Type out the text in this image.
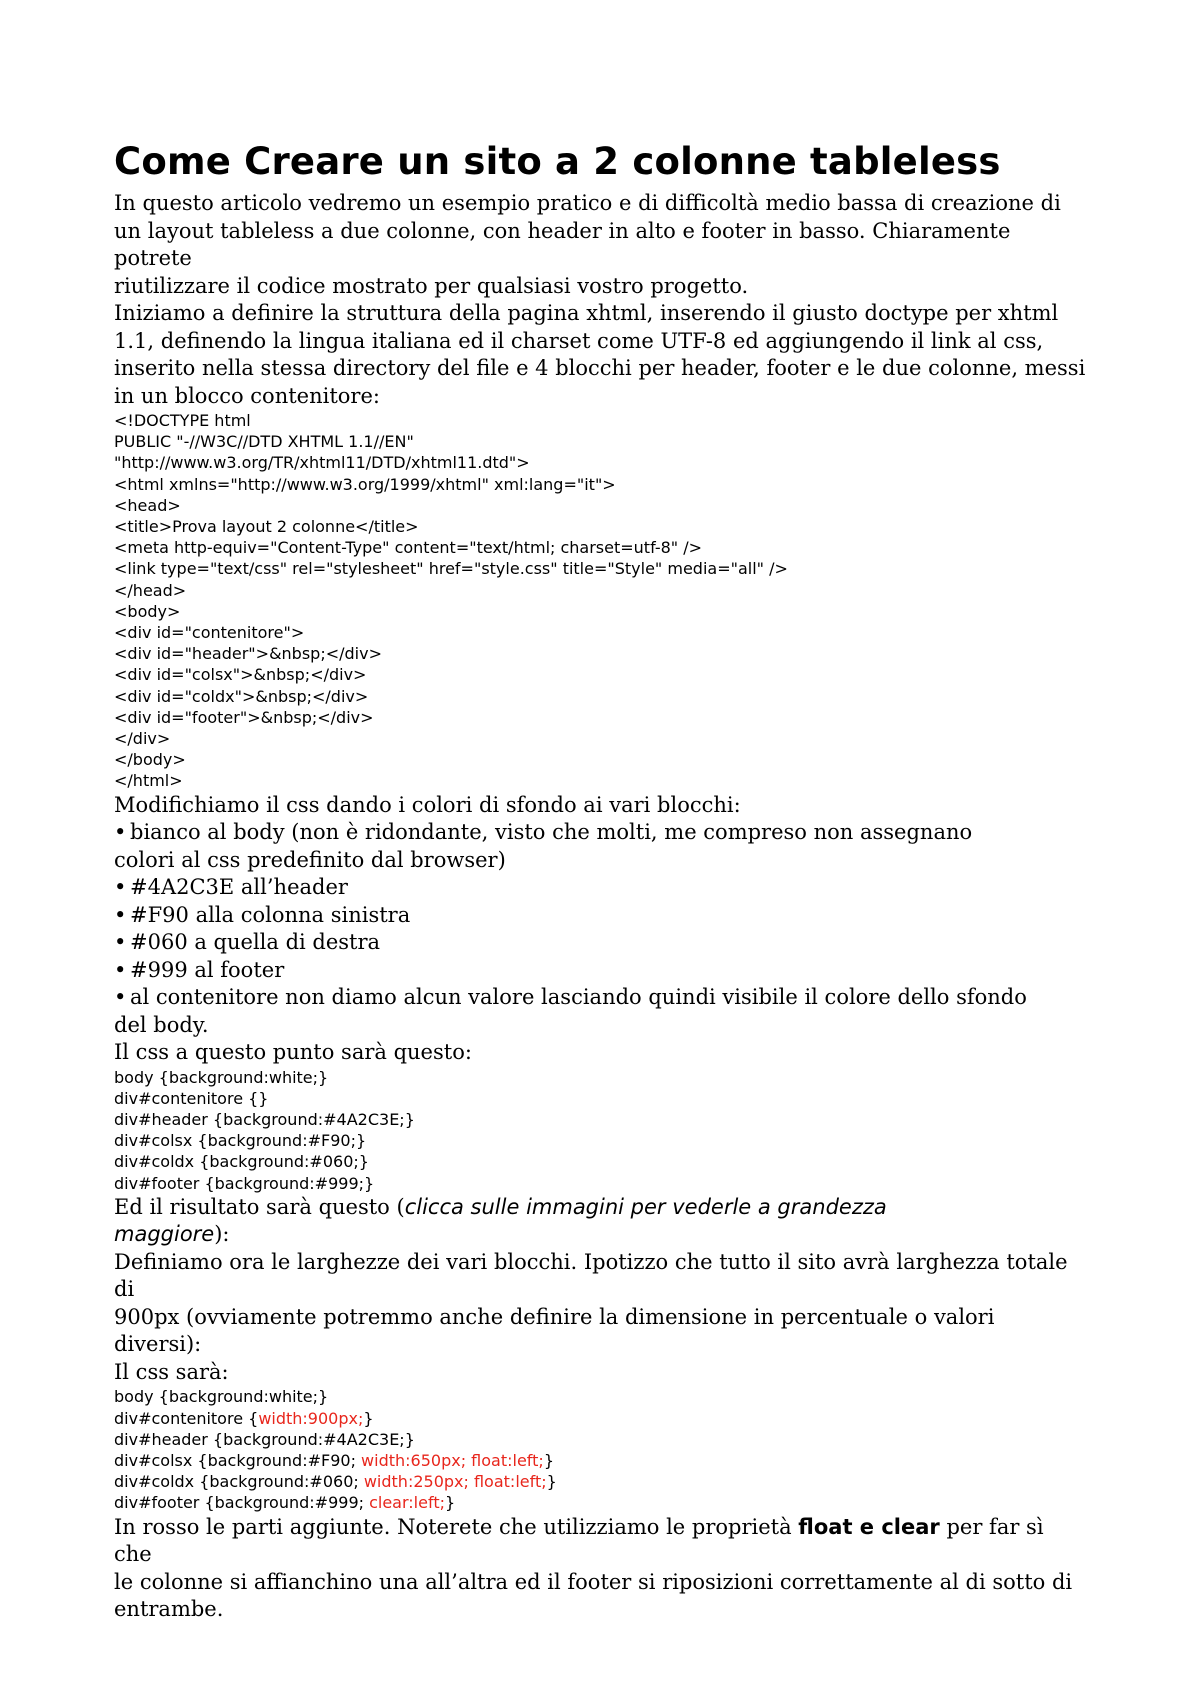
Come Creare un sito a 2 colonne tableless

In questo articolo vedremo un esempio pratico e di difficoltà medio bassa di creazione di

un layout tableless a due colonne, con header in alto e footer in basso. Chiaramente potrete

riutilizzare il codice mostrato per qualsiasi vostro progetto.

Iniziamo a definire la struttura della pagina xhtml, inserendo il giusto doctype per xhtml

1.1, definendo la lingua italiana ed il charset come UTF-8 ed aggiungendo il link al css,

inserito nella stessa directory del file e 4 blocchi per header, footer e le due colonne, messi

in un blocco contenitore:

<!DOCTYPE html

PUBLIC "-//W3C//DTD XHTML 1.1//EN"

"http://www.w3.org/TR/xhtml11/DTD/xhtml11.dtd">

<html xmlns="http://www.w3.org/1999/xhtml" xml:lang="it">

<head>

<title>Prova layout 2 colonne</title>

<meta http-equiv="Content-Type" content="text/html; charset=utf-8" />

<link type="text/css" rel="stylesheet" href="style.css" title="Style" media="all" />

</head>

<body>

<div id="contenitore">

<div id="header">&nbsp;</div>

<div id="colsx">&nbsp;</div>

<div id="coldx">&nbsp;</div>

<div id="footer">&nbsp;</div>

</div>

</body>

</html>

Modifichiamo il css dando i colori di sfondo ai vari blocchi:

• bianco al body (non è ridondante, visto che molti, me compreso non assegnano

colori al css predefinito dal browser)

• #4A2C3E all’header

• #F90 alla colonna sinistra

• #060 a quella di destra

• #999 al footer

• al contenitore non diamo alcun valore lasciando quindi visibile il colore dello sfondo

del body.

Il css a questo punto sarà questo:

body {background:white;}

div#contenitore {}

div#header {background:#4A2C3E;}

div#colsx {background:#F90;}

div#coldx {background:#060;}

div#footer {background:#999;}

Ed il risultato sarà questo (clicca sulle immagini per vederle a grandezza

maggiore):

Definiamo ora le larghezze dei vari blocchi. Ipotizzo che tutto il sito avrà larghezza totale di

900px (ovviamente potremmo anche definire la dimensione in percentuale o valori

diversi):

Il css sarà:

body {background:white;}

div#contenitore {width:900px;}

div#header {background:#4A2C3E;}

div#colsx {background:#F90; width:650px; float:left;}

div#coldx {background:#060; width:250px; float:left;}

div#footer {background:#999; clear:left;}

In rosso le parti aggiunte. Noterete che utilizziamo le proprietà float e clear per far sì

che

le colonne si affianchino una all’altra ed il footer si riposizioni correttamente al di sotto di

entrambe.
